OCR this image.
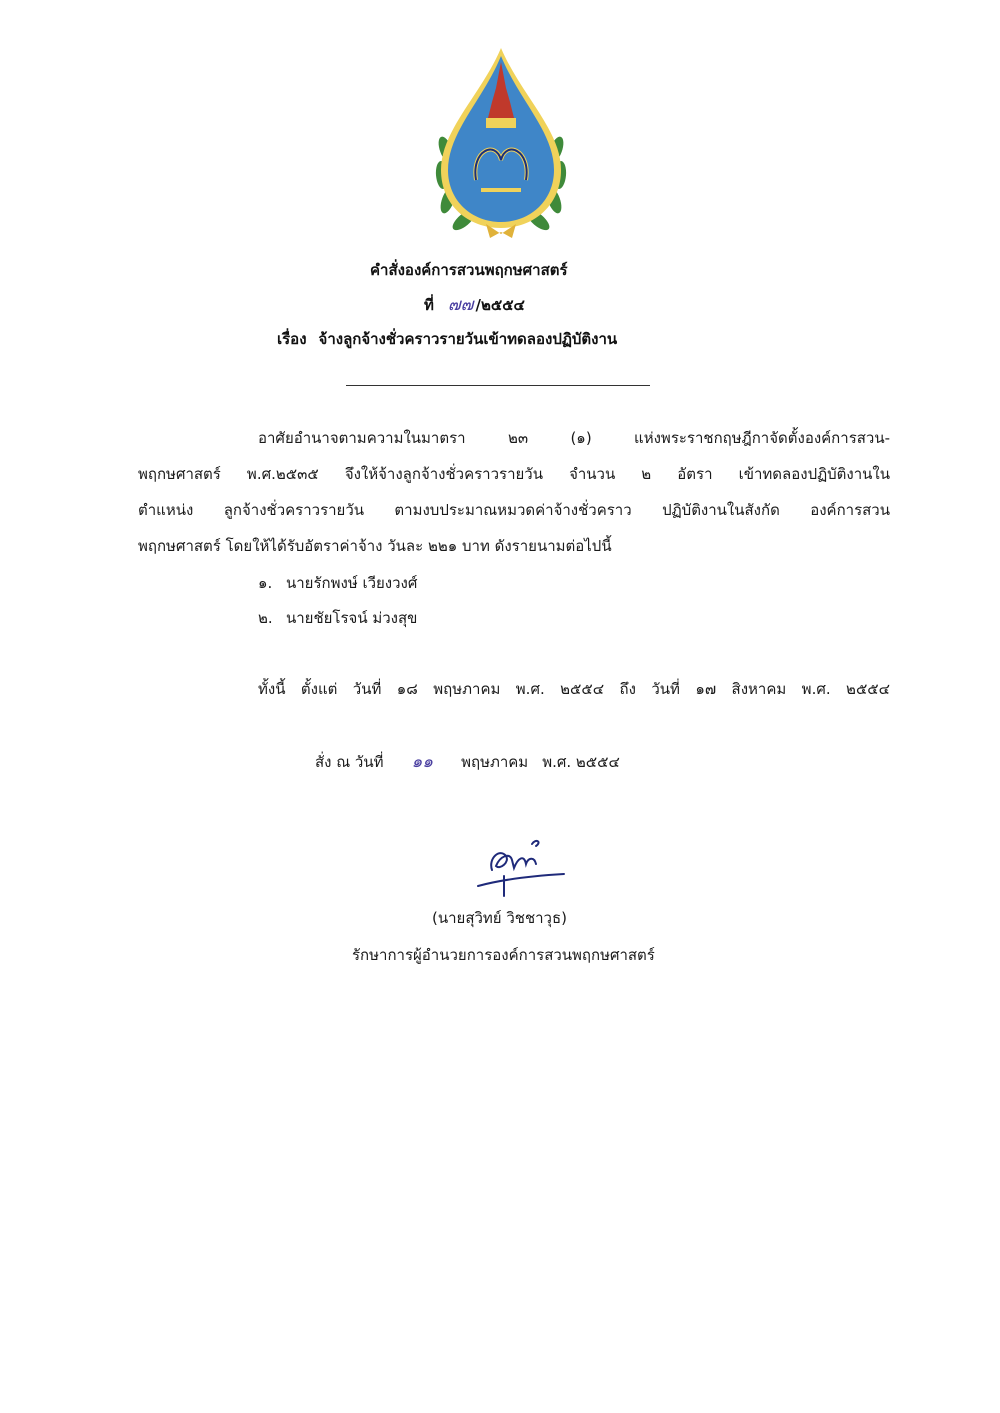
คำสั่งองค์การสวนพฤกษศาสตร์
ที่ ๗๗ /๒๕๕๔
เรื่อง จ้างลูกจ้างชั่วคราวรายวันเข้าทดลองปฏิบัติงาน
อาศัยอำนาจตามความในมาตรา ๒๓ (๑) แห่งพระราชกฤษฎีกาจัดตั้งองค์การสวน-
พฤกษศาสตร์ พ.ศ.๒๕๓๕ จึงให้จ้างลูกจ้างชั่วคราวรายวัน จำนวน ๒ อัตรา เข้าทดลองปฏิบัติงานใน
ตำแหน่ง ลูกจ้างชั่วคราวรายวัน ตามงบประมาณหมวดค่าจ้างชั่วคราว ปฏิบัติงานในสังกัด องค์การสวน
พฤกษศาสตร์ โดยให้ได้รับอัตราค่าจ้าง วันละ ๒๒๑ บาท ดังรายนามต่อไปนี้
๑. นายรักพงษ์ เวียงวงศ์
๒. นายชัยโรจน์ ม่วงสุข
ทั้งนี้ ตั้งแต่ วันที่ ๑๘ พฤษภาคม พ.ศ. ๒๕๕๔ ถึง วันที่ ๑๗ สิงหาคม พ.ศ. ๒๕๕๔
สั่ง ณ วันที่ ๑๑ พฤษภาคม พ.ศ. ๒๕๕๔
(นายสุวิทย์ วิชชาวุธ)
รักษาการผู้อำนวยการองค์การสวนพฤกษศาสตร์
